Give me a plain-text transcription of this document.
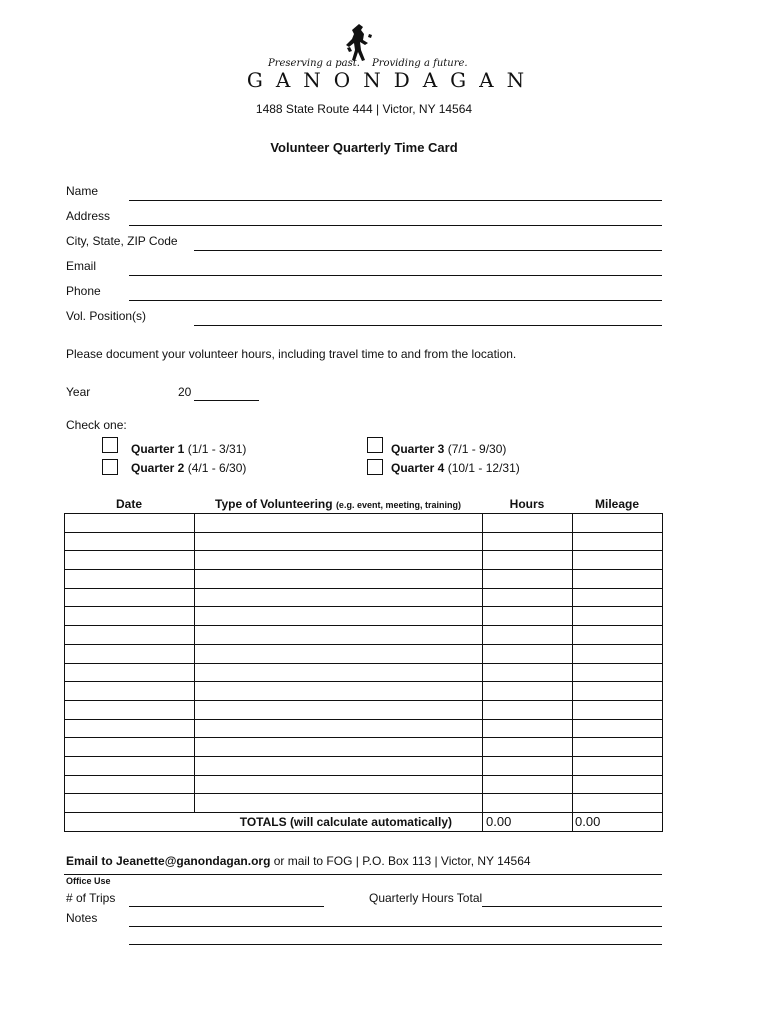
Preserving a past. Providing a future.
GANONDAGAN
1488 State Route 444 | Victor, NY 14564
Volunteer Quarterly Time Card
Name
Address
City, State, ZIP Code
Email
Phone
Vol. Position(s)
Please document your volunteer hours, including travel time to and from the location.
Year	20
Check one:
Quarter 1 (1/1 - 3/31)
Quarter 2 (4/1 - 6/30)
Quarter 3 (7/1 - 9/30)
Quarter 4 (10/1 - 12/31)
Date	Type of Volunteering (e.g. event, meeting, training)	Hours	Mileage

	TOTALS (will calculate automatically)	0.00	0.00
Email to Jeanette@ganondagan.org or mail to FOG | P.O. Box 113 | Victor, NY 14564
Office Use
# of Trips	Quarterly Hours Total
Notes
